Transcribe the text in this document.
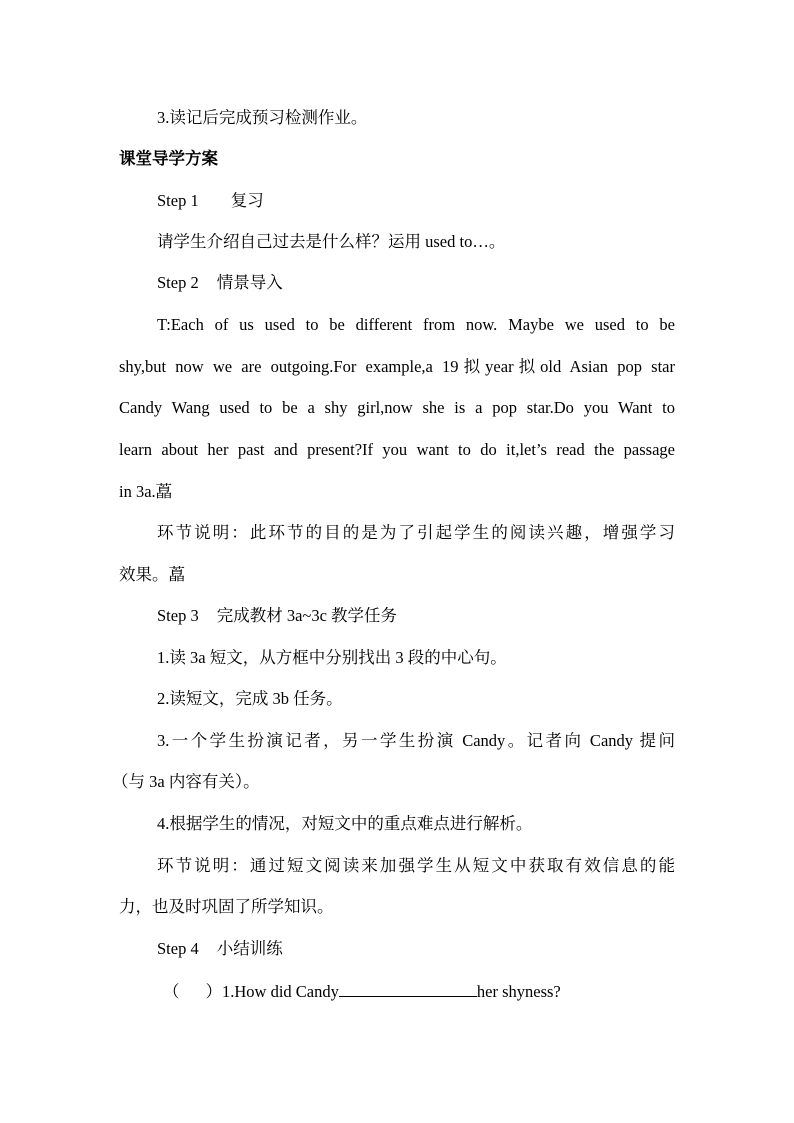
3.读记后完成预习检测作业。
课堂导学方案
Step 1 复习
请学生介绍自己过去是什么样？运用 used to…。
Step 2 情景导入
T:Each of us used to be different from now. Maybe we used to be
shy,but now we are outgoing.For example,a 19拟year拟old Asian pop star
Candy Wang used to be a shy girl,now she is a pop star.Do you Want to
learn about her past and present?If you want to do it,let’s read the passage
in 3a.藠
环节说明：此环节的目的是为了引起学生的阅读兴趣，增强学习
效果。藠
Step 3 完成教材 3a~3c 教学任务
1.读 3a 短文，从方框中分别找出 3 段的中心句。
2.读短文，完成 3b 任务。
3.一个学生扮演记者，另一学生扮演 Candy。记者向 Candy 提问
（与 3a 内容有关）。
4.根据学生的情况，对短文中的重点难点进行解析。
环节说明：通过短文阅读来加强学生从短文中获取有效信息的能
力，也及时巩固了所学知识。
Step 4 小结训练
（ ）1.How did Candy	her shyness?
